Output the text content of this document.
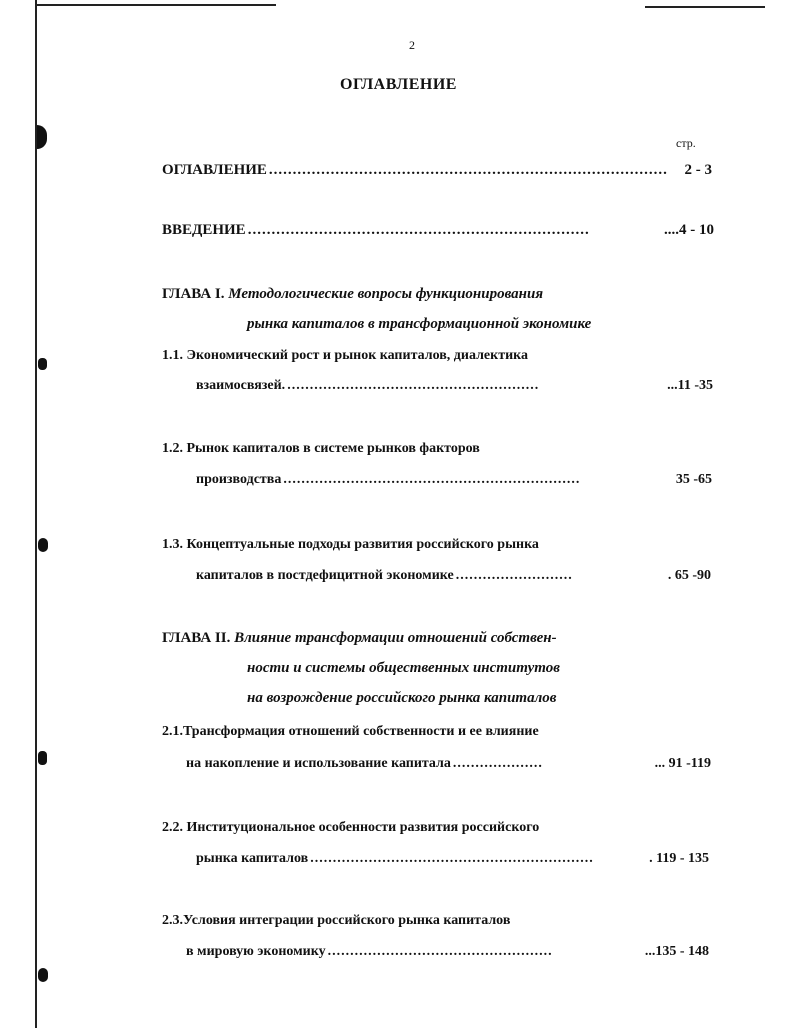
2
ОГЛАВЛЕНИЕ
стр.
ОГЛАВЛЕНИЕ ....................................................................................	2 - 3
ВВЕДЕНИЕ ........................................................................	....4 - 10
ГЛАВА I. Методологические вопросы функционирования
рынка капиталов в трансформационной экономике
1.1. Экономический рост и рынок капиталов, диалектика
взаимосвязей. ........................................................	...11 -35
1.2. Рынок капиталов в системе рынков факторов
производства ..................................................................	35 -65
1.3. Концептуальные подходы развития российского рынка
капиталов в постдефицитной экономике ..........................	. 65 -90
ГЛАВА II. Влияние трансформации отношений собствен-
ности и системы общественных институтов
на возрождение российского рынка капиталов
2.1.Трансформация отношений собственности и ее влияние
на накопление и использование капитала ....................	... 91 -119
2.2. Институциональное особенности развития российского
рынка капиталов ...............................................................	. 119 - 135
2.3.Условия интеграции российского рынка капиталов
в мировую экономику ..................................................	...135 - 148
